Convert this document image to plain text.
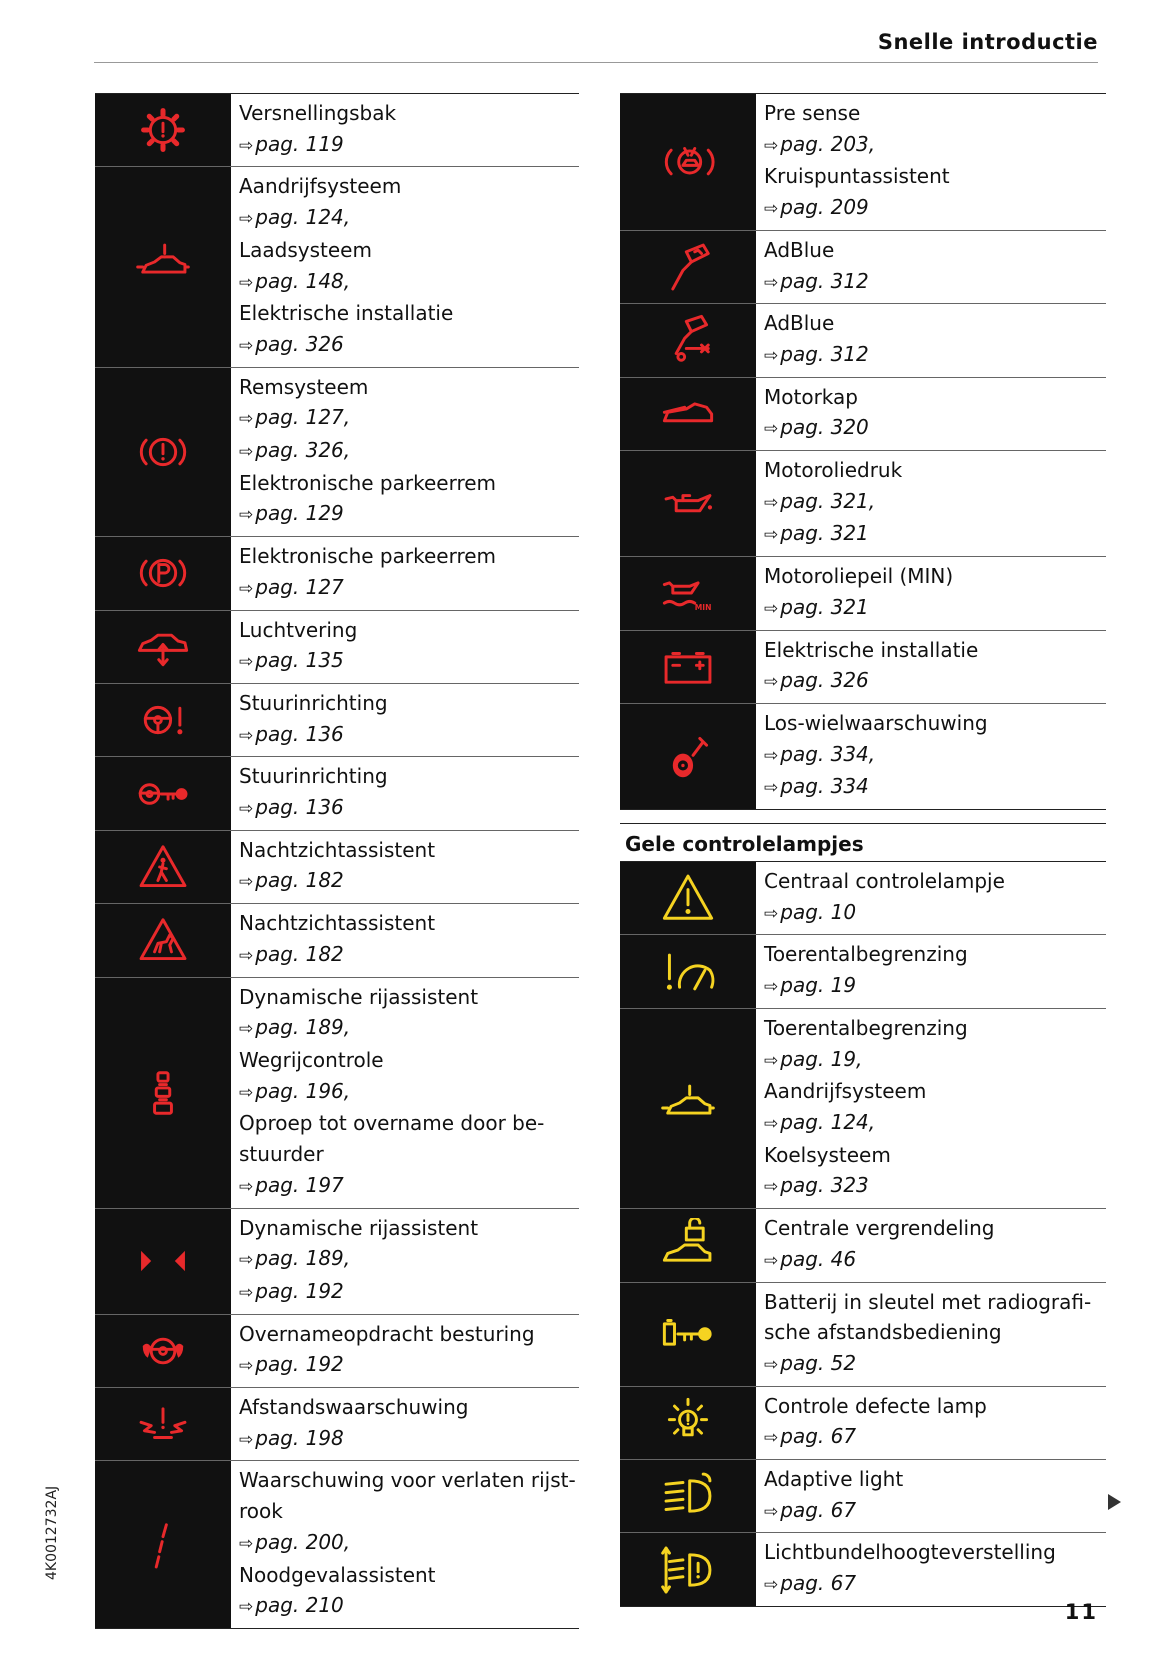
Snelle introductie
Versnellingsbak
⇨ pag. 119
Aandrijfsysteem
⇨ pag. 124,
Laadsysteem
⇨ pag. 148,
Elektrische installatie
⇨ pag. 326
Remsysteem
⇨ pag. 127,
⇨ pag. 326,
Elektronische parkeerrem
⇨ pag. 129
Elektronische parkeerrem
⇨ pag. 127
Luchtvering
⇨ pag. 135
Stuurinrichting
⇨ pag. 136
Stuurinrichting
⇨ pag. 136
Nachtzichtassistent
⇨ pag. 182
Nachtzichtassistent
⇨ pag. 182
Dynamische rijassistent
⇨ pag. 189,
Wegrijcontrole
⇨ pag. 196,
Oproep tot overname door be-
stuurder
⇨ pag. 197
Dynamische rijassistent
⇨ pag. 189,
⇨ pag. 192
Overnameopdracht besturing
⇨ pag. 192
Afstandswaarschuwing
⇨ pag. 198
Waarschuwing voor verlaten rijst-
rook
⇨ pag. 200,
Noodgevalassistent
⇨ pag. 210
Pre sense
⇨ pag. 203,
Kruispuntassistent
⇨ pag. 209
AdBlue
⇨ pag. 312
AdBlue
⇨ pag. 312
Motorkap
⇨ pag. 320
Motoroliedruk
⇨ pag. 321,
⇨ pag. 321
MIN
Motoroliepeil (MIN)
⇨ pag. 321
Elektrische installatie
⇨ pag. 326
Los-wielwaarschuwing
⇨ pag. 334,
⇨ pag. 334
Gele controlelampjes
Centraal controlelampje
⇨ pag. 10
Toerentalbegrenzing
⇨ pag. 19
Toerentalbegrenzing
⇨ pag. 19,
Aandrijfsysteem
⇨ pag. 124,
Koelsysteem
⇨ pag. 323
Centrale vergrendeling
⇨ pag. 46
Batterij in sleutel met radiografi-
sche afstandsbediening
⇨ pag. 52
Controle defecte lamp
⇨ pag. 67
Adaptive light
⇨ pag. 67
Lichtbundelhoogteverstelling
⇨ pag. 67
4K0012732AJ
11
